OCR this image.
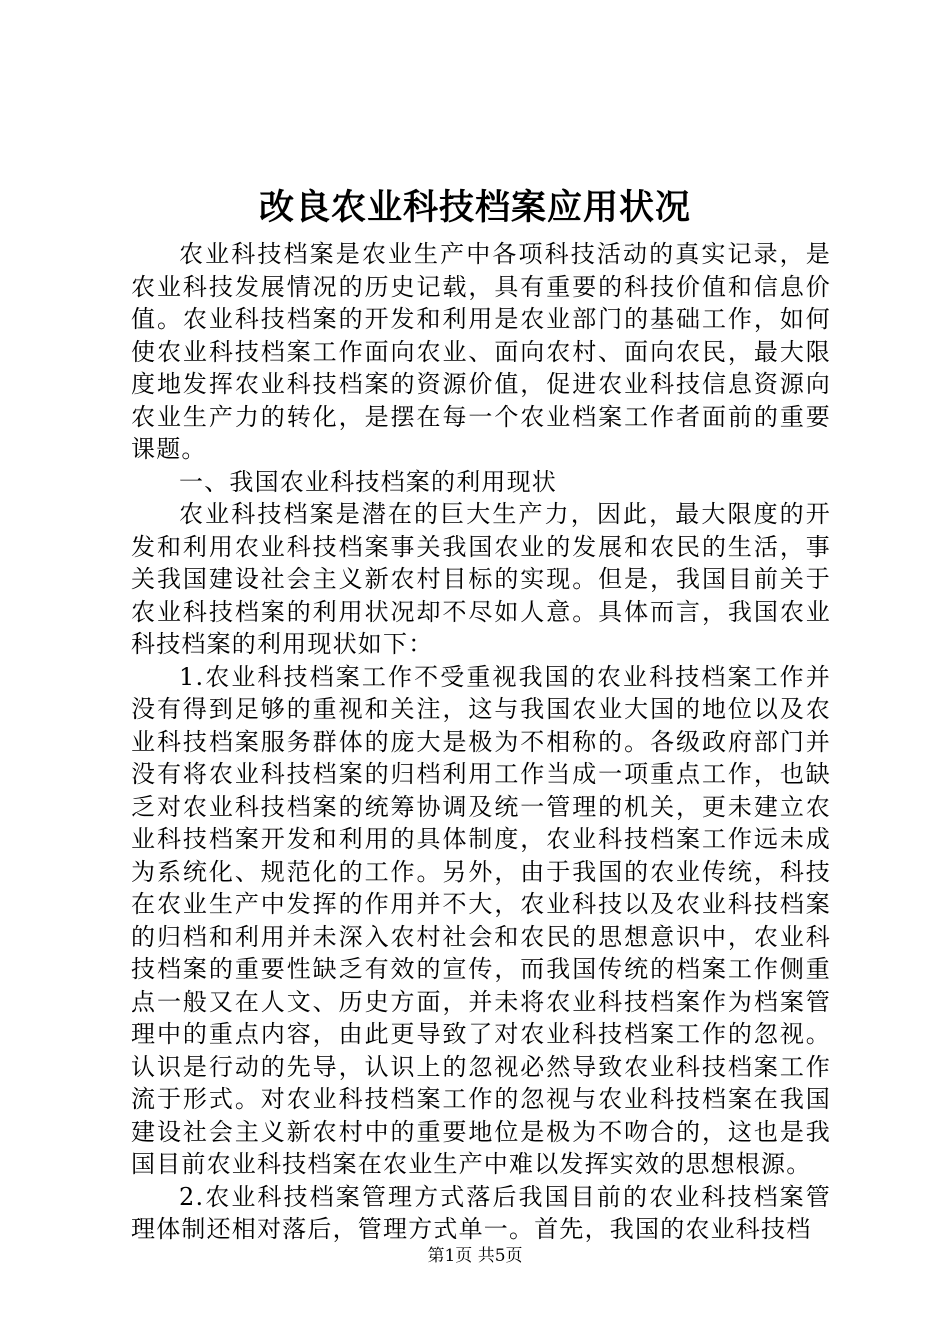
改良农业科技档案应用状况

农业科技档案是农业生产中各项科技活动的真实记录，是农业科技发展情况的历史记载，具有重要的科技价值和信息价值。农业科技档案的开发和利用是农业部门的基础工作，如何使农业科技档案工作面向农业、面向农村、面向农民，最大限度地发挥农业科技档案的资源价值，促进农业科技信息资源向农业生产力的转化，是摆在每一个农业档案工作者面前的重要课题。

一、我国农业科技档案的利用现状

农业科技档案是潜在的巨大生产力，因此，最大限度的开发和利用农业科技档案事关我国农业的发展和农民的生活，事关我国建设社会主义新农村目标的实现。但是，我国目前关于农业科技档案的利用状况却不尽如人意。具体而言，我国农业科技档案的利用现状如下：

1.农业科技档案工作不受重视我国的农业科技档案工作并没有得到足够的重视和关注，这与我国农业大国的地位以及农业科技档案服务群体的庞大是极为不相称的。各级政府部门并没有将农业科技档案的归档利用工作当成一项重点工作，也缺乏对农业科技档案的统筹协调及统一管理的机关，更未建立农业科技档案开发和利用的具体制度，农业科技档案工作远未成为系统化、规范化的工作。另外，由于我国的农业传统，科技在农业生产中发挥的作用并不大，农业科技以及农业科技档案的归档和利用并未深入农村社会和农民的思想意识中，农业科技档案的重要性缺乏有效的宣传，而我国传统的档案工作侧重点一般又在人文、历史方面，并未将农业科技档案作为档案管理中的重点内容，由此更导致了对农业科技档案工作的忽视。认识是行动的先导，认识上的忽视必然导致农业科技档案工作流于形式。对农业科技档案工作的忽视与农业科技档案在我国建设社会主义新农村中的重要地位是极为不吻合的，这也是我国目前农业科技档案在农业生产中难以发挥实效的思想根源。

2.农业科技档案管理方式落后我国目前的农业科技档案管理体制还相对落后，管理方式单一。首先，我国的农业科技档

第1页 共5页
